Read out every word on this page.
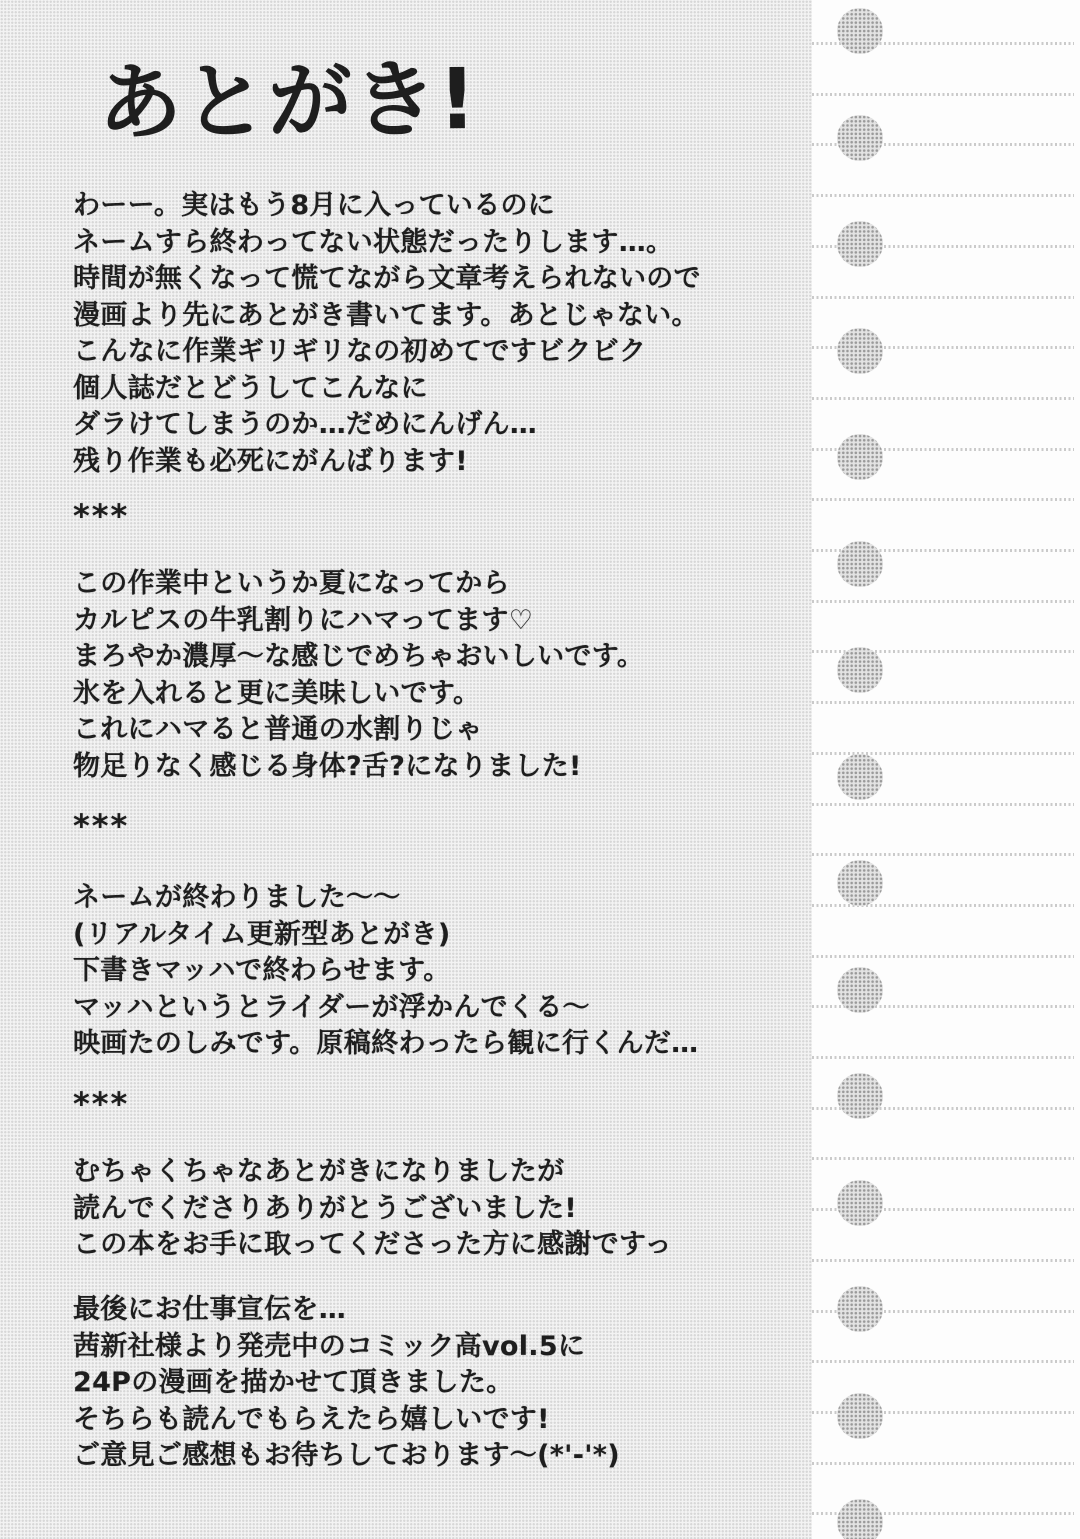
あとがき!
わーー。実はもう8月に入っているのに
ネームすら終わってない状態だったりします…。
時間が無くなって慌てながら文章考えられないので
漫画より先にあとがき書いてます。あとじゃない。
こんなに作業ギリギリなの初めてですビクビク
個人誌だとどうしてこんなに
ダラけてしまうのか…だめにんげん…
残り作業も必死にがんばります!
***
この作業中というか夏になってから
カルピスの牛乳割りにハマってます♡
まろやか濃厚〜な感じでめちゃおいしいです。
氷を入れると更に美味しいです。
これにハマると普通の水割りじゃ
物足りなく感じる身体?舌?になりました!
***
ネームが終わりました〜〜
(リアルタイム更新型あとがき)
下書きマッハで終わらせます。
マッハというとライダーが浮かんでくる〜
映画たのしみです。原稿終わったら観に行くんだ…
***
むちゃくちゃなあとがきになりましたが
読んでくださりありがとうございました!
この本をお手に取ってくださった方に感謝ですっ
最後にお仕事宣伝を…
茜新社様より発売中のコミック高vol.5に
24Pの漫画を描かせて頂きました。
そちらも読んでもらえたら嬉しいです!
ご意見ご感想もお待ちしております〜(*'-'*)
